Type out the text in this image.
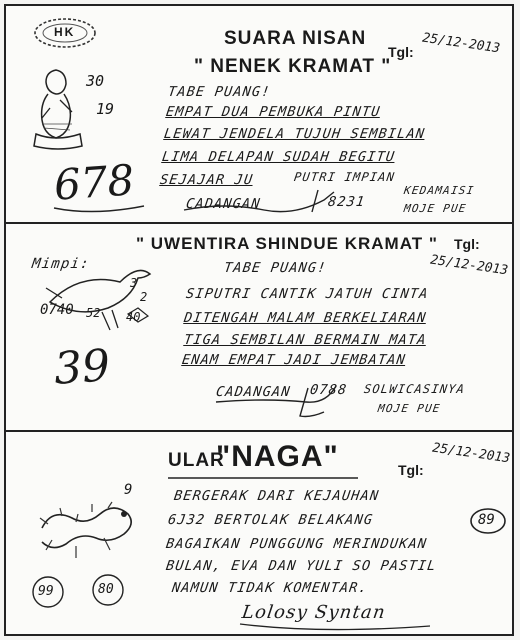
HK	SUARA NISAN
" NENEK KRAMAT "
Tgl: 25/12-2013
30
19
678
TABE PUANG!
EMPAT DUA PEMBUKA PINTU
LEWAT JENDELA TUJUH SEMBILAN
LIMA DELAPAN SUDAH BEGITU
SEJAJAR JU	PUTRI IMPIAN
CADANGAN	8231
KEDAMAISI
MOJE PUE
Mimpi:
" UWENTIRA SHINDUE KRAMAT " Tgl:
25/12-2013
0740 52
3
2
40
39
TABE PUANG!
SIPUTRI CANTIK JATUH CINTA
DITENGAH MALAM BERKELIARAN
TIGA SEMBILAN BERMAIN MATA
ENAM EMPAT JADI JEMBATAN
CADANGAN 0788 SOLWICASINYA
MOJE PUE
ULAR
"NAGA"	Tgl:
25/12-2013
9
99	80
BERGERAK DARI KEJAUHAN
6J32 BERTOLAK BELAKANG
BAGAIKAN PUNGGUNG MERINDUKAN
BULAN, EVA DAN YULI SO PASTIL
NAMUN TIDAK KOMENTAR.
89
Lolosy Syntan
